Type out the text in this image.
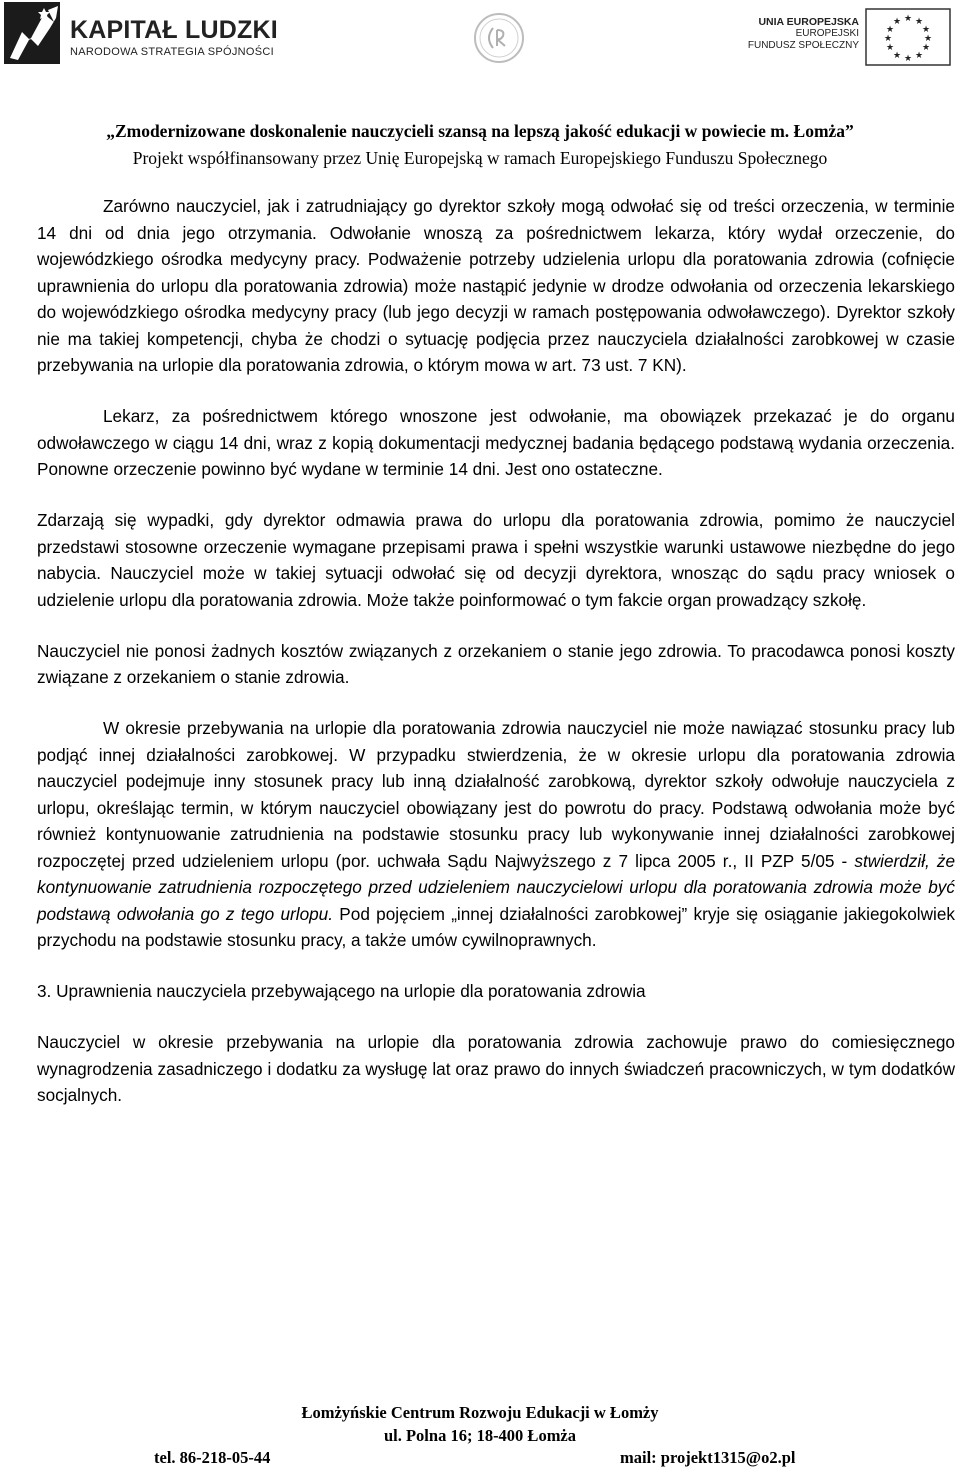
KAPITAŁ LUDZKI
NARODOWA STRATEGIA SPÓJNOŚCI
UNIA EUROPEJSKA
EUROPEJSKI
FUNDUSZ SPOŁECZNY
★ ★
★
★
★
★
★
★
★
★
★
★
„Zmodernizowane doskonalenie nauczycieli szansą na lepszą jakość edukacji w powiecie m. Łomża”
Projekt współfinansowany przez Unię Europejską w ramach Europejskiego Funduszu Społecznego

Zarówno nauczyciel, jak i zatrudniający go dyrektor szkoły mogą odwołać się od treści orzeczenia, w terminie 14 dni od dnia jego otrzymania. Odwołanie wnoszą za pośrednictwem lekarza, który wydał orzeczenie, do wojewódzkiego ośrodka medycyny pracy. Podważenie potrzeby udzielenia urlopu dla poratowania zdrowia (cofnięcie uprawnienia do urlopu dla poratowania zdrowia) może nastąpić jedynie w drodze odwołania od orzeczenia lekarskiego do wojewódzkiego ośrodka medycyny pracy (lub jego decyzji w ramach postępowania odwoławczego). Dyrektor szkoły nie ma takiej kompetencji, chyba że chodzi o sytuację podjęcia przez nauczyciela działalności zarobkowej w czasie przebywania na urlopie dla poratowania zdrowia, o którym mowa w art. 73 ust. 7 KN).

Lekarz, za pośrednictwem którego wnoszone jest odwołanie, ma obowiązek przekazać je do organu odwoławczego w ciągu 14 dni, wraz z kopią dokumentacji medycznej badania będącego podstawą wydania orzeczenia. Ponowne orzeczenie powinno być wydane w terminie 14 dni. Jest ono ostateczne.

Zdarzają się wypadki, gdy dyrektor odmawia prawa do urlopu dla poratowania zdrowia, pomimo że nauczyciel przedstawi stosowne orzeczenie wymagane przepisami prawa i spełni wszystkie warunki ustawowe niezbędne do jego nabycia. Nauczyciel może w takiej sytuacji odwołać się od decyzji dyrektora, wnosząc do sądu pracy wniosek o udzielenie urlopu dla poratowania zdrowia. Może także poinformować o tym fakcie organ prowadzący szkołę.

Nauczyciel nie ponosi żadnych kosztów związanych z orzekaniem o stanie jego zdrowia. To pracodawca ponosi koszty związane z orzekaniem o stanie zdrowia.

W okresie przebywania na urlopie dla poratowania zdrowia nauczyciel nie może nawiązać stosunku pracy lub podjąć innej działalności zarobkowej. W przypadku stwierdzenia, że w okresie urlopu dla poratowania zdrowia nauczyciel podejmuje inny stosunek pracy lub inną działalność zarobkową, dyrektor szkoły odwołuje nauczyciela z urlopu, określając termin, w którym nauczyciel obowiązany jest do powrotu do pracy. Podstawą odwołania może być również kontynuowanie zatrudnienia na podstawie stosunku pracy lub wykonywanie innej działalności zarobkowej rozpoczętej przed udzieleniem urlopu (por. uchwała Sądu Najwyższego z 7 lipca 2005 r., II PZP 5/05 - stwierdził, że kontynuowanie zatrudnienia rozpoczętego przed udzieleniem nauczycielowi urlopu dla poratowania zdrowia może być podstawą odwołania go z tego urlopu. Pod pojęciem „innej działalności zarobkowej” kryje się osiąganie jakiegokolwiek przychodu na podstawie stosunku pracy, a także umów cywilnoprawnych.

3. Uprawnienia nauczyciela przebywającego na urlopie dla poratowania zdrowia

Nauczyciel w okresie przebywania na urlopie dla poratowania zdrowia zachowuje prawo do comiesięcznego wynagrodzenia zasadniczego i dodatku za wysługę lat oraz prawo do innych świadczeń pracowniczych, w tym dodatków socjalnych.

Łomżyńskie Centrum Rozwoju Edukacji w Łomży
ul. Polna 16; 18-400 Łomża
tel. 86-218-05-44	mail: projekt1315@o2.pl
